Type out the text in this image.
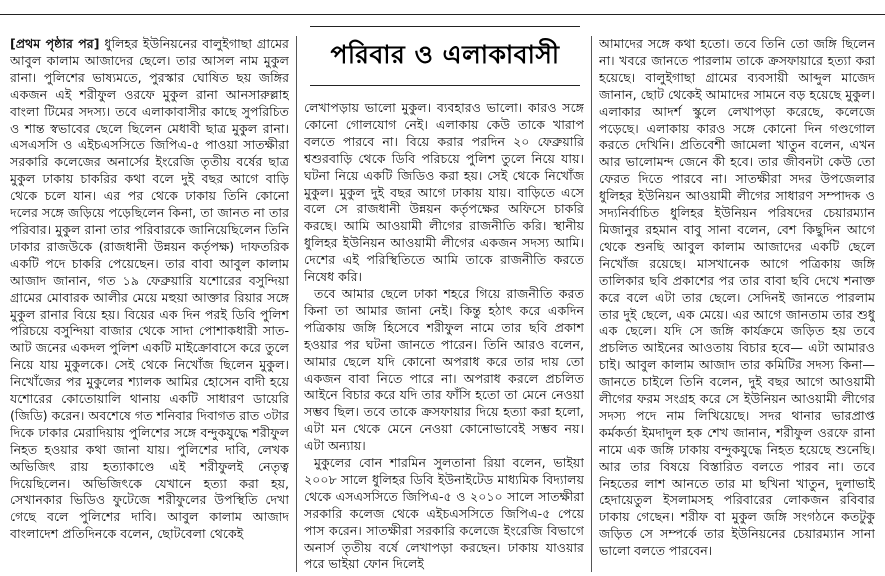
[প্রথম পৃষ্ঠার পর] ধুলিহর ইউনিয়নের বালুইগাছা গ্রামের আবুল কালাম আজাদের ছেলে। তার আসল নাম মুকুল রানা। পুলিশের ভাষ্যমতে, পুরস্কার ঘোষিত ছয় জঙ্গির একজন এই শরীফুল ওরফে মুকুল রানা আনসারুল্লাহ বাংলা টিমের সদস্য। তবে এলাকাবাসীর কাছে সুপরিচিত ও শান্ত স্বভাবের ছেলে ছিলেন মেধাবী ছাত্র মুকুল রানা। এসএসসি ও এইচএসসিতে জিপিএ-৫ পাওয়া সাতক্ষীরা সরকারি কলেজের অনার্সের ইংরেজি তৃতীয় বর্ষের ছাত্র মুকুল ঢাকায় চাকরির কথা বলে দুই বছর আগে বাড়ি থেকে চলে যান। এর পর থেকে ঢাকায় তিনি কোনো দলের সঙ্গে জড়িয়ে পড়েছিলেন কিনা, তা জানত না তার পরিবার। মুকুল রানা তার পরিবারকে জানিয়েছিলেন তিনি ঢাকার রাজউকে (রাজধানী উন্নয়ন কর্তৃপক্ষ) দাফতরিক একটি পদে চাকরি পেয়েছেন। তার বাবা আবুল কালাম আজাদ জানান, গত ১৯ ফেব্রুয়ারি যশোরের বসুন্দিয়া গ্রামের মোবারক আলীর মেয়ে মহুয়া আক্তার রিয়ার সঙ্গে মুকুল রানার বিয়ে হয়। বিয়ের এক দিন পরই ডিবি পুলিশ পরিচয়ে বসুন্দিয়া বাজার থেকে সাদা পোশাকধারী সাত-আট জনের একদল পুলিশ একটি মাইক্রোবাসে করে তুলে নিয়ে যায় মুকুলকে। সেই থেকে নিখোঁজ ছিলেন মুকুল। নিখোঁজের পর মুকুলের শ্যালক আমির হোসেন বাদী হয়ে যশোরের কোতোয়ালি থানায় একটি সাধারণ ডায়েরি (জিডি) করেন। অবশেষে গত শনিবার দিবাগত রাত ৩টার দিকে ঢাকার মেরাদিয়ায় পুলিশের সঙ্গে বন্দুকযুদ্ধে শরীফুল নিহত হওয়ার কথা জানা যায়। পুলিশের দাবি, লেখক অভিজিৎ রায় হত্যাকাণ্ডে এই শরীফুলই নেতৃত্ব দিয়েছিলেন। অভিজিৎকে যেখানে হত্যা করা হয়, সেখানকার ভিডিও ফুটেজে শরীফুলের উপস্থিতি দেখা গেছে বলে পুলিশের দাবি। আবুল কালাম আজাদ বাংলাদেশ প্রতিদিনকে বলেন, ছোটবেলা থেকেই

পরিবার ও এলাকাবাসী

লেখাপড়ায় ভালো মুকুল। ব্যবহারও ভালো। কারও সঙ্গে কোনো গোলযোগ নেই। এলাকায় কেউ তাকে খারাপ বলতে পারবে না। বিয়ে করার পরদিন ২০ ফেব্রুয়ারি শ্বশুরবাড়ি থেকে ডিবি পরিচয়ে পুলিশ তুলে নিয়ে যায়। ঘটনা নিয়ে একটি জিডিও করা হয়। সেই থেকে নিখোঁজ মুকুল। মুকুল দুই বছর আগে ঢাকায় যায়। বাড়িতে এসে বলে সে রাজধানী উন্নয়ন কর্তৃপক্ষের অফিসে চাকরি করছে। আমি আওয়ামী লীগের রাজনীতি করি। স্থানীয় ধুলিহর ইউনিয়ন আওয়ামী লীগের একজন সদস্য আমি। দেশের এই পরিস্থিতিতে আমি তাকে রাজনীতি করতে নিষেধ করি।

তবে আমার ছেলে ঢাকা শহরে গিয়ে রাজনীতি করত কিনা তা আমার জানা নেই। কিন্তু হঠাৎ করে একদিন পত্রিকায় জঙ্গি হিসেবে শরীফুল নামে তার ছবি প্রকাশ হওয়ার পর ঘটনা জানতে পারেন। তিনি আরও বলেন, আমার ছেলে যদি কোনো অপরাধ করে তার দায় তো একজন বাবা নিতে পারে না। অপরাধ করলে প্রচলিত আইনে বিচার করে যদি তার ফাঁসি হতো তা মেনে নেওয়া সম্ভব ছিল। তবে তাকে ক্রসফায়ার দিয়ে হত্যা করা হলো, এটা মন থেকে মেনে নেওয়া কোনোভাবেই সম্ভব নয়। এটা অন্যায়।

মুকুলের বোন শারমিন সুলতানা রিয়া বলেন, ভাইয়া ২০০৮ সালে ধুলিহর ডিবি ইউনাইটেড মাধ্যমিক বিদ্যালয় থেকে এসএসসিতে জিপিএ-৫ ও ২০১০ সালে সাতক্ষীরা সরকারি কলেজ থেকে এইচএসসিতে জিপিএ-৫ পেয়ে পাস করেন। সাতক্ষীরা সরকারি কলেজে ইংরেজি বিভাগে অনার্স তৃতীয় বর্ষে লেখাপড়া করছেন। ঢাকায় যাওয়ার পরে ভাইয়া ফোন দিলেই

আমাদের সঙ্গে কথা হতো। তবে তিনি তো জঙ্গি ছিলেন না। খবরে জানতে পারলাম তাকে ক্রসফায়ারে হত্যা করা হয়েছে। বালুইগাছা গ্রামের ব্যবসায়ী আব্দুল মাজেদ জানান, ছোট থেকেই আমাদের সামনে বড় হয়েছে মুকুল। এলাকার আদর্শ স্কুলে লেখাপড়া করেছে, কলেজে পড়েছে। এলাকায় কারও সঙ্গে কোনো দিন গণ্ডগোল করতে দেখিনি। প্রতিবেশী জামেলা খাতুন বলেন, এখন আর ভালোমন্দ জেনে কী হবে। তার জীবনটা কেউ তো ফেরত দিতে পারবে না। সাতক্ষীরা সদর উপজেলার ধুলিহর ইউনিয়ন আওয়ামী লীগের সাধারণ সম্পাদক ও সদ্যনির্বাচিত ধুলিহর ইউনিয়ন পরিষদের চেয়ারম্যান মিজানুর রহমান বাবু সানা বলেন, বেশ কিছুদিন আগে থেকে শুনছি আবুল কালাম আজাদের একটি ছেলে নিখোঁজ রয়েছে। মাসখানেক আগে পত্রিকায় জঙ্গি তালিকার ছবি প্রকাশের পর তার বাবা ছবি দেখে শনাক্ত করে বলে এটা তার ছেলে। সেদিনই জানতে পারলাম তার দুই ছেলে, এক মেয়ে। এর আগে জানতাম তার শুধু এক ছেলে। যদি সে জঙ্গি কার্যক্রমে জড়িত হয় তবে প্রচলিত আইনের আওতায় বিচার হবে— এটা আমারও চাই। আবুল কালাম আজাদ তার কমিটির সদস্য কিনা— জানতে চাইলে তিনি বলেন, দুই বছর আগে আওয়ামী লীগের ফরম সংগ্রহ করে সে ইউনিয়ন আওয়ামী লীগের সদস্য পদে নাম লিখিয়েছে। সদর থানার ভারপ্রাপ্ত কর্মকর্তা ইমদাদুল হক শেখ জানান, শরীফুল ওরফে রানা নামে এক জঙ্গি ঢাকায় বন্দুকযুদ্ধে নিহত হয়েছে শুনেছি। আর তার বিষয়ে বিস্তারিত বলতে পারব না। তবে নিহতের লাশ আনতে তার মা ছখিনা খাতুন, দুলাভাই হেদায়েতুল ইসলামসহ পরিবারের লোকজন রবিবার ঢাকায় গেছেন। শরীফ বা মুকুল জঙ্গি সংগঠনে কতটুকু জড়িত সে সম্পর্কে তার ইউনিয়নের চেয়ারম্যান সানা ভালো বলতে পারবেন।
